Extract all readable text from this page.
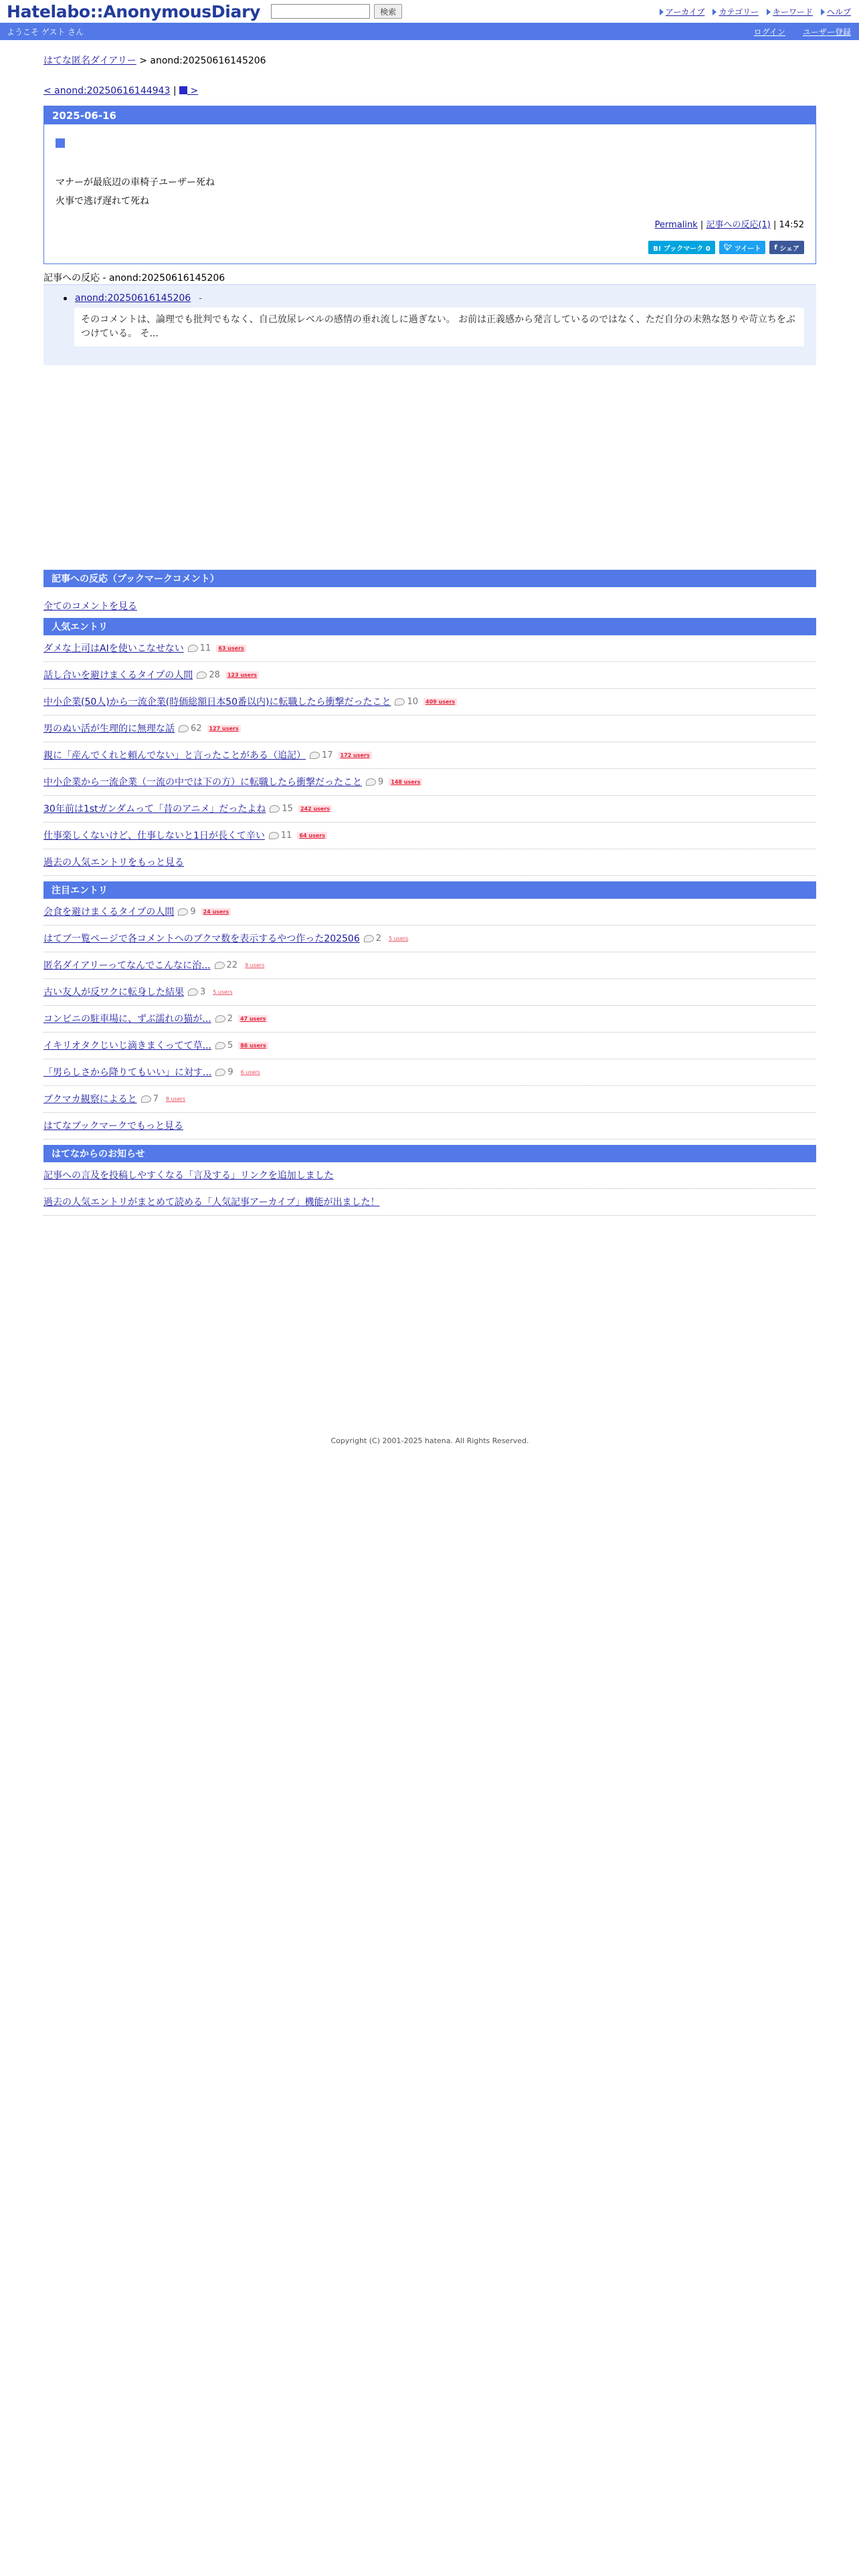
Hatelabo::AnonymousDiary	検索	アーカイブ カテゴリー キーワード ヘルプ
ようこそ ゲスト さん	ログイン ユーザー登録
はてな匿名ダイアリー > anond:20250616145206
< anond:20250616144943 |  >
2025-06-16
マナーが最底辺の車椅子ユーザー死ね
火事で逃げ遅れて死ね
Permalink | 記事への反応(1) | 14:52
B! ブックマーク 0	🐦︎ ツイート f シェア
記事への反応 - anond:20250616145206
anond:20250616145206 -
そのコメントは、論理でも批判でもなく、自己放尿レベルの感情の垂れ流しに過ぎない。 お前は正義感から発言しているのではなく、ただ自分の未熟な怒りや苛立ちをぶつけている。 そ...
記事への反応（ブックマークコメント）
全てのコメントを見る
人気エントリ
ダメな上司はAIを使いこなせない 11	63 users
話し合いを避けまくるタイプの人間 28	123 users
中小企業(50人)から一流企業(時価総額日本50番以内)に転職したら衝撃だったこと 10	409 users
男のぬい活が生理的に無理な話 62	127 users
親に「産んでくれと頼んでない」と言ったことがある（追記） 17	172 users
中小企業から一流企業（一流の中では下の方）に転職したら衝撃だったこと 9	148 users
30年前は1stガンダムって「昔のアニメ」だったよね 15	242 users
仕事楽しくないけど、仕事しないと1日が長くて辛い 11	64 users
過去の人気エントリをもっと見る
注目エントリ
会食を避けまくるタイプの人間 9	24 users
はてブ一覧ページで各コメントへのブクマ数を表示するやつ作った202506 2	5 users
匿名ダイアリーってなんでこんなに治... 22	9 users
古い友人が反ワクに転身した結果 3	5 users
コンビニの駐車場に、ずぶ濡れの猫が... 2	47 users
イキリオタクじいじ滴きまくってて草... 5	86 users
「男らしさから降りてもいい」に対す... 9	6 users
ブクマカ観察によると 7	8 users
はてなブックマークでもっと見る
はてなからのお知らせ
記事への言及を投稿しやすくなる「言及する」リンクを追加しました
過去の人気エントリがまとめて読める「人気記事アーカイブ」機能が出ました！
Copyright (C) 2001-2025 hatena. All Rights Reserved.
